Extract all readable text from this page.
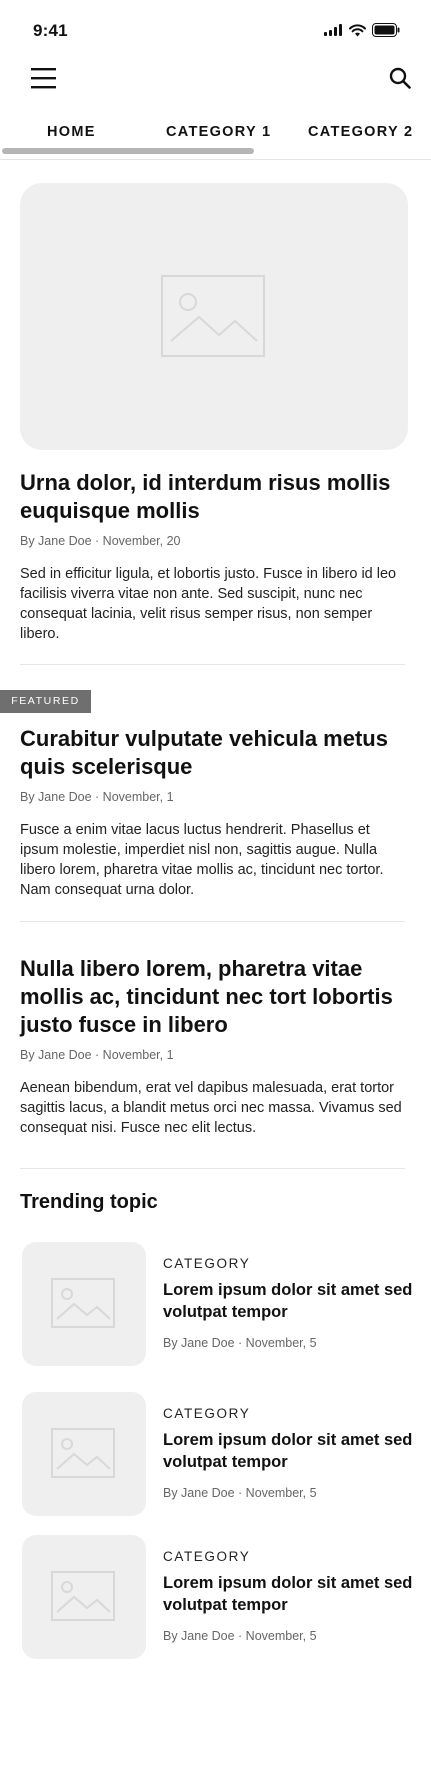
9:41
HOME	CATEGORY 1	CATEGORY 2
Urna dolor, id interdum risus mollis euquisque mollis

By Jane Doe · November, 20

Sed in efficitur ligula, et lobortis justo. Fusce in libero id leo facilisis viverra vitae non ante. Sed suscipit, nunc nec consequat lacinia, velit risus semper risus, non semper libero.

FEATURED
Curabitur vulputate vehicula metus quis scelerisque

By Jane Doe · November, 1

Fusce a enim vitae lacus luctus hendrerit. Phasellus et ipsum molestie, imperdiet nisl non, sagittis augue. Nulla libero lorem, pharetra vitae mollis ac, tincidunt nec tortor. Nam consequat urna dolor.

Nulla libero lorem, pharetra vitae mollis ac, tincidunt nec tort lobortis justo fusce in libero

By Jane Doe · November, 1

Aenean bibendum, erat vel dapibus malesuada, erat tortor sagittis lacus, a blandit metus orci nec massa. Vivamus sed consequat nisi. Fusce nec elit lectus.

Trending topic

CATEGORY

Lorem ipsum dolor sit amet sed volutpat tempor

By Jane Doe · November, 5

CATEGORY

Lorem ipsum dolor sit amet sed volutpat tempor

By Jane Doe · November, 5

CATEGORY

Lorem ipsum dolor sit amet sed volutpat tempor

By Jane Doe · November, 5
